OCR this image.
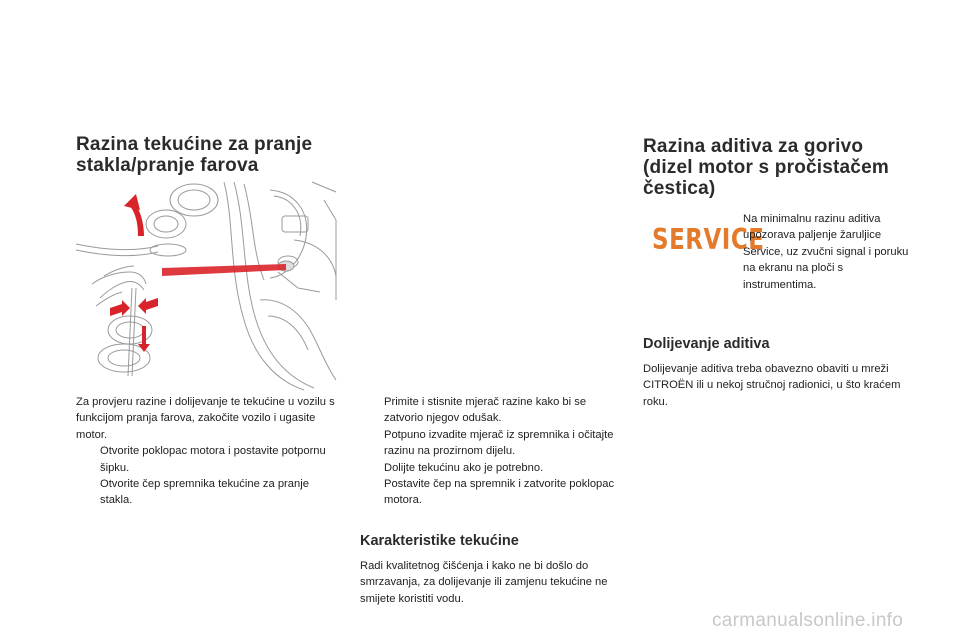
Razina tekućine za pranje
stakla/pranje farova

Za provjeru razine i dolijevanje te tekućine u vozilu s funkcijom pranja farova, zakočite vozilo i ugasite motor.

Otvorite poklopac motora i postavite potpornu šipku.
Otvorite čep spremnika tekućine za pranje stakla.
Primite i stisnite mjerač razine kako bi se zatvorio njegov odušak.
Potpuno izvadite mjerač iz spremnika i očitajte razinu na prozirnom dijelu.
Dolijte tekućinu ako je potrebno.
Postavite čep na spremnik i zatvorite poklopac motora.
Karakteristike tekućine

Radi kvalitetnog čišćenja i kako ne bi došlo do smrzavanja, za dolijevanje ili zamjenu tekućine ne smijete koristiti vodu.

Razina aditiva za gorivo
(dizel motor s pročistačem
čestica)
SERVICE

Na minimalnu razinu aditiva upozorava paljenje žaruljice Service, uz zvučni signal i poruku na ekranu na ploči s instrumentima.

Dolijevanje aditiva

Dolijevanje aditiva treba obavezno obaviti u mreži CITROËN ili u nekoj stručnoj radionici, u što kraćem roku.

carmanualsonline.info
